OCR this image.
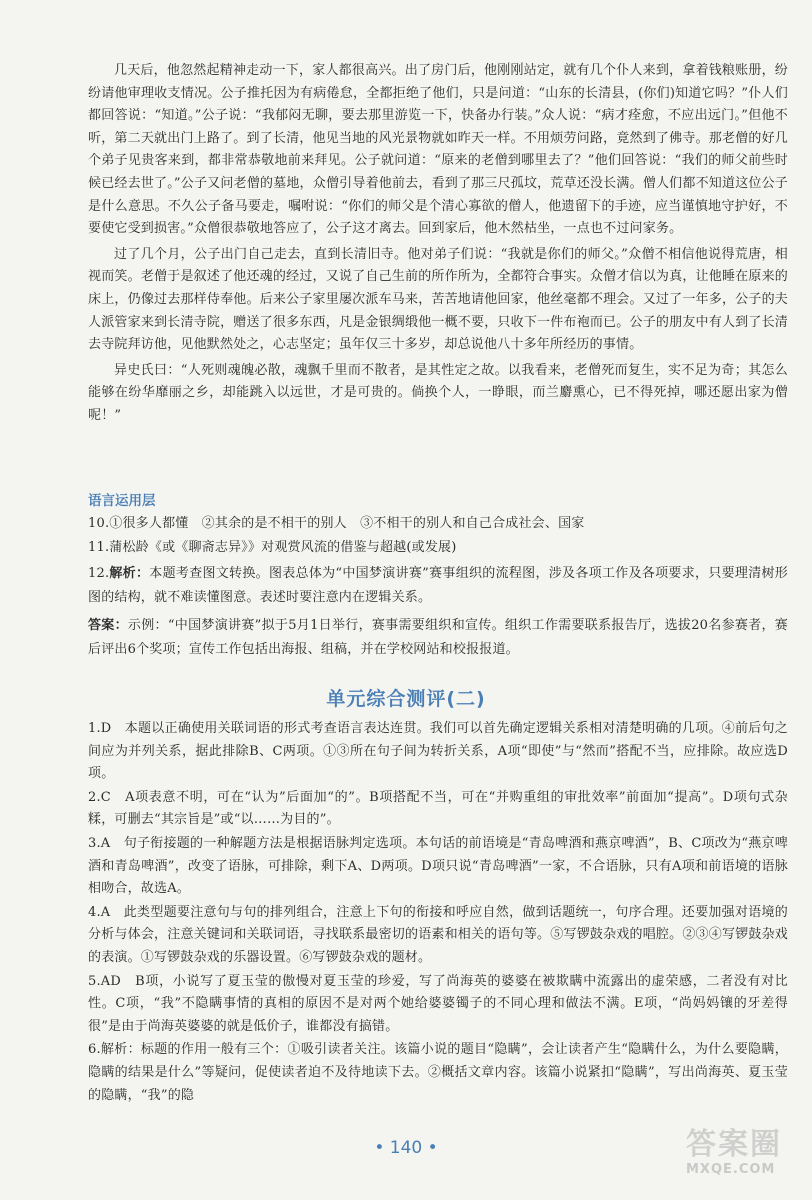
几天后，他忽然起精神走动一下，家人都很高兴。出了房门后，他刚刚站定，就有几个仆人来到，拿着钱粮账册，纷纷请他审理收支情况。公子推托因为有病倦怠，全都拒绝了他们，只是问道：“山东的长清县，(你们)知道它吗？”仆人们都回答说：“知道。”公子说：“我郁闷无聊，要去那里游览一下，快备办行装。”众人说：“病才痊愈，不应出远门。”但他不听，第二天就出门上路了。到了长清，他见当地的风光景物就如昨天一样。不用烦劳问路，竟然到了佛寺。那老僧的好几个弟子见贵客来到，都非常恭敬地前来拜见。公子就问道：“原来的老僧到哪里去了？”他们回答说：“我们的师父前些时候已经去世了。”公子又问老僧的墓地，众僧引导着他前去，看到了那三尺孤坟，荒草还没长满。僧人们都不知道这位公子是什么意思。不久公子备马要走，嘱咐说：“你们的师父是个清心寡欲的僧人，他遗留下的手迹，应当谨慎地守护好，不要使它受到损害。”众僧很恭敬地答应了，公子这才离去。回到家后，他木然枯坐，一点也不过问家务。

过了几个月，公子出门自己走去，直到长清旧寺。他对弟子们说：“我就是你们的师父。”众僧不相信他说得荒唐，相视而笑。老僧于是叙述了他还魂的经过，又说了自己生前的所作所为，全都符合事实。众僧才信以为真，让他睡在原来的床上，仍像过去那样侍奉他。后来公子家里屡次派车马来，苦苦地请他回家，他丝毫都不理会。又过了一年多，公子的夫人派管家来到长清寺院，赠送了很多东西，凡是金银绸缎他一概不要，只收下一件布袍而已。公子的朋友中有人到了长清去寺院拜访他，见他默然处之，心志坚定；虽年仅三十多岁，却总说他八十多年所经历的事情。

异史氏曰：“人死则魂魄必散，魂飘千里而不散者，是其性定之故。以我看来，老僧死而复生，实不足为奇；其怎么能够在纷华靡丽之乡，却能跳入以远世，才是可贵的。倘换个人，一睁眼，而兰麝熏心，已不得死掉，哪还愿出家为僧呢！”

语言运用层

10.①很多人都懂　②其余的是不相干的别人　③不相干的别人和自己合成社会、国家

11.蒲松龄《或《聊斋志异》》对观赏风流的借鉴与超越(或发展)

12.解析：本题考查图文转换。图表总体为“中国梦演讲赛”赛事组织的流程图，涉及各项工作及各项要求，只要理清树形图的结构，就不难读懂图意。表述时要注意内在逻辑关系。

答案：示例：“中国梦演讲赛”拟于5月1日举行，赛事需要组织和宣传。组织工作需要联系报告厅，选拔20名参赛者，赛后评出6个奖项；宣传工作包括出海报、组稿，并在学校网站和校报报道。

单元综合测评(二)

1.D　本题以正确使用关联词语的形式考查语言表达连贯。我们可以首先确定逻辑关系相对清楚明确的几项。④前后句之间应为并列关系，据此排除B、C两项。①③所在句子间为转折关系，A项“即使”与“然而”搭配不当，应排除。故应选D项。

2.C　A项表意不明，可在“认为”后面加“的”。B项搭配不当，可在“并购重组的审批效率”前面加“提高”。D项句式杂糅，可删去“其宗旨是”或“以……为目的”。

3.A　句子衔接题的一种解题方法是根据语脉判定选项。本句话的前语境是“青岛啤酒和燕京啤酒”，B、C项改为“燕京啤酒和青岛啤酒”，改变了语脉，可排除，剩下A、D两项。D项只说“青岛啤酒”一家，不合语脉，只有A项和前语境的语脉相吻合，故选A。

4.A　此类型题要注意句与句的排列组合，注意上下句的衔接和呼应自然，做到话题统一，句序合理。还要加强对语境的分析与体会，注意关键词和关联词语，寻找联系最密切的语素和相关的语句等。⑤写锣鼓杂戏的唱腔。②③④写锣鼓杂戏的表演。①写锣鼓杂戏的乐器设置。⑥写锣鼓杂戏的题材。

5.AD　B项，小说写了夏玉莹的傲慢对夏玉莹的珍爱，写了尚海英的婆婆在被欺瞒中流露出的虚荣感，二者没有对比性。C项，“我”不隐瞒事情的真相的原因不是对两个她给婆婆镯子的不同心理和做法不满。E项，“尚妈妈镶的牙差得很”是由于尚海英婆婆的就是低价子，谁都没有搞错。

6.解析：标题的作用一般有三个：①吸引读者关注。该篇小说的题目“隐瞒”，会让读者产生“隐瞒什么，为什么要隐瞒，隐瞒的结果是什么”等疑问，促使读者迫不及待地读下去。②概括文章内容。该篇小说紧扣“隐瞒”，写出尚海英、夏玉莹的隐瞒，“我”的隐

• 140 •	答案圈
MXQE.COM
